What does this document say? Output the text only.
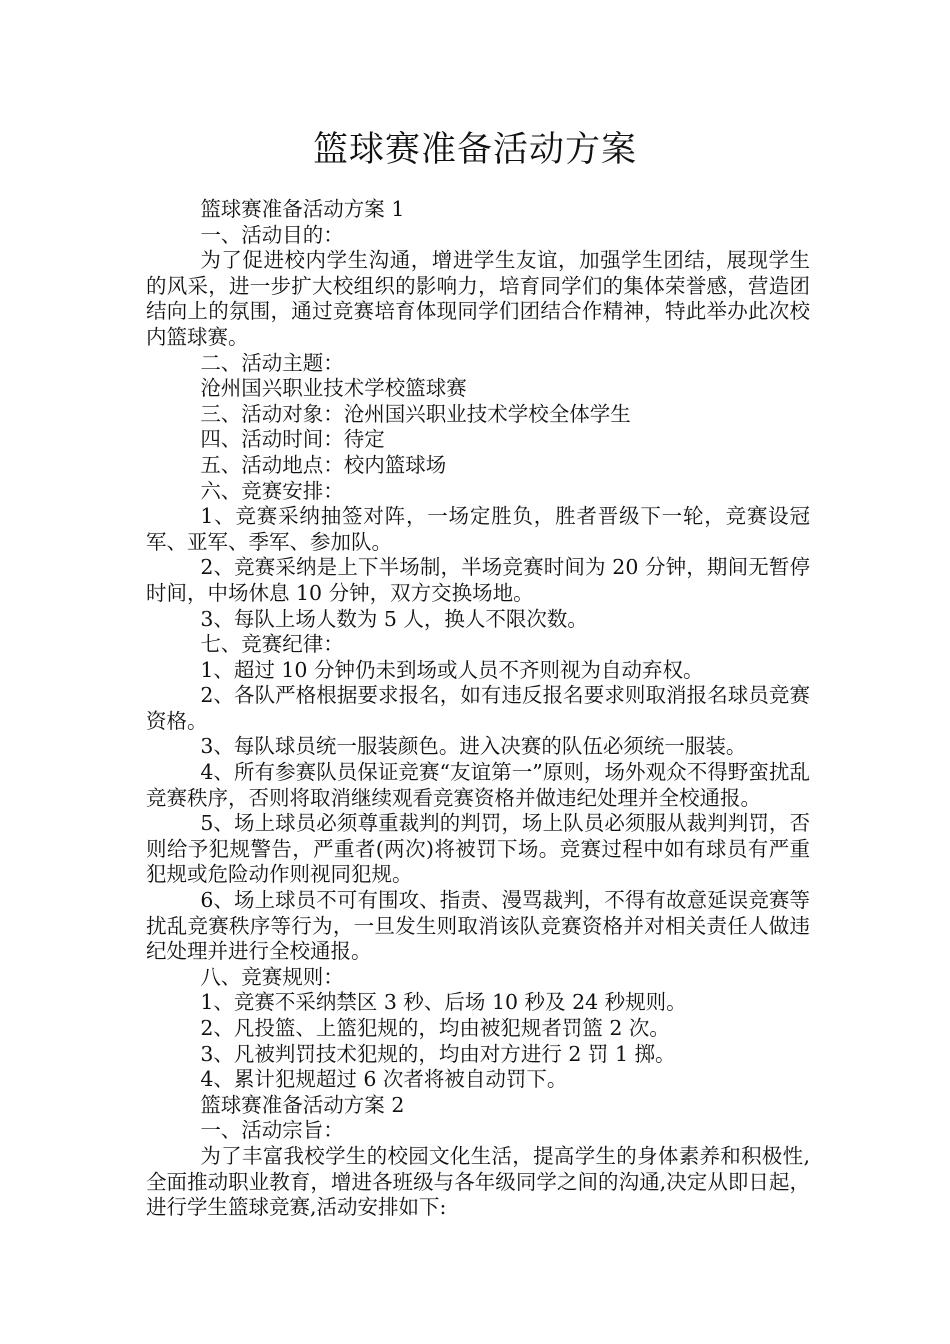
篮球赛准备活动方案

篮球赛准备活动方案 1

一、活动目的：

为了促进校内学生沟通，增进学生友谊，加强学生团结，展现学生的风采，进一步扩大校组织的影响力，培育同学们的集体荣誉感，营造团结向上的氛围，通过竞赛培育体现同学们团结合作精神，特此举办此次校内篮球赛。

二、活动主题：

沧州国兴职业技术学校篮球赛

三、活动对象：沧州国兴职业技术学校全体学生

四、活动时间：待定

五、活动地点：校内篮球场

六、竞赛安排：

1、竞赛采纳抽签对阵，一场定胜负，胜者晋级下一轮，竞赛设冠军、亚军、季军、参加队。

2、竞赛采纳是上下半场制，半场竞赛时间为 20 分钟，期间无暂停时间，中场休息 10 分钟，双方交换场地。

3、每队上场人数为 5 人，换人不限次数。

七、竞赛纪律：

1、超过 10 分钟仍未到场或人员不齐则视为自动弃权。

2、各队严格根据要求报名，如有违反报名要求则取消报名球员竞赛资格。

3、每队球员统一服装颜色。进入决赛的队伍必须统一服装。

4、所有参赛队员保证竞赛“友谊第一”原则，场外观众不得野蛮扰乱竞赛秩序，否则将取消继续观看竞赛资格并做违纪处理并全校通报。

5、场上球员必须尊重裁判的判罚，场上队员必须服从裁判判罚，否则给予犯规警告，严重者(两次)将被罚下场。竞赛过程中如有球员有严重犯规或危险动作则视同犯规。

6、场上球员不可有围攻、指责、漫骂裁判，不得有故意延误竞赛等扰乱竞赛秩序等行为，一旦发生则取消该队竞赛资格并对相关责任人做违纪处理并进行全校通报。

八、竞赛规则：

1、竞赛不采纳禁区 3 秒、后场 10 秒及 24 秒规则。

2、凡投篮、上篮犯规的，均由被犯规者罚篮 2 次。

3、凡被判罚技术犯规的，均由对方进行 2 罚 1 掷。

4、累计犯规超过 6 次者将被自动罚下。

篮球赛准备活动方案 2

一、活动宗旨：

为了丰富我校学生的校园文化生活，提高学生的身体素养和积极性,全面推动职业教育，增进各班级与各年级同学之间的沟通,决定从即日起，进行学生篮球竞赛,活动安排如下:
